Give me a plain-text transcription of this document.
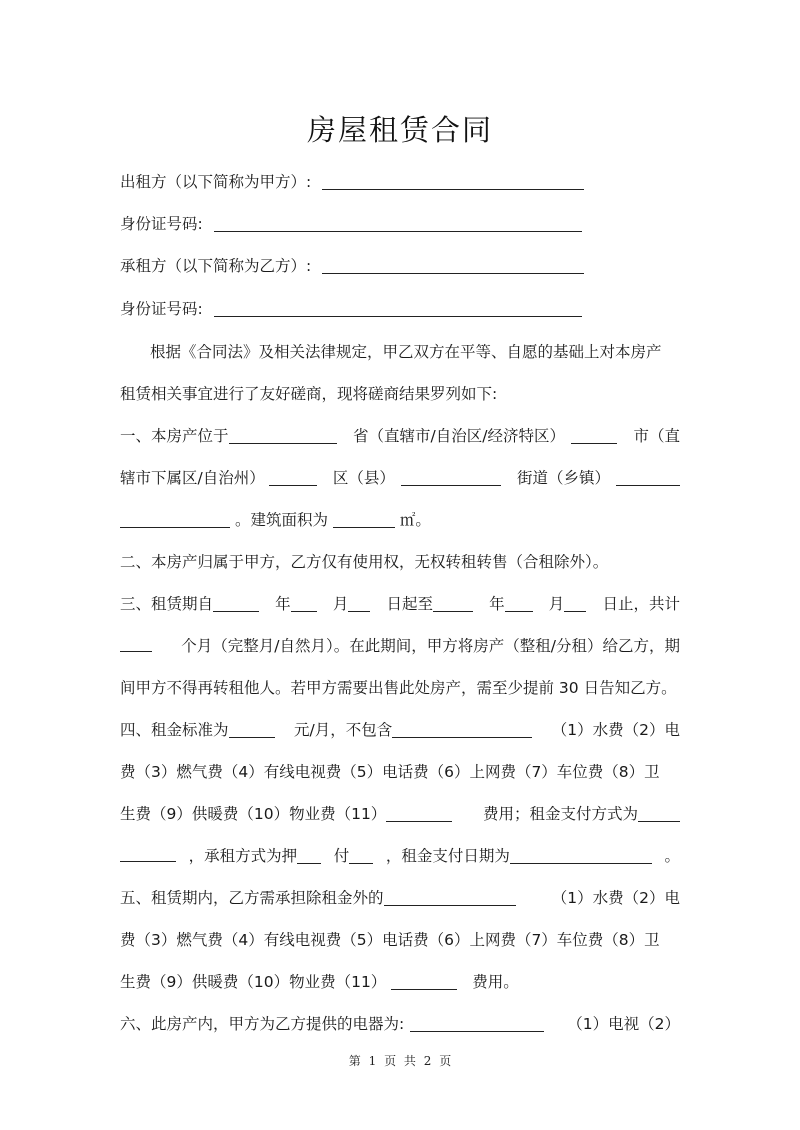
房屋租赁合同
出租方（以下简称为甲方）:
身份证号码:
承租方（以下简称为乙方）:
身份证号码:
根据《合同法》及相关法律规定，甲乙双方在平等、自愿的基础上对本房产
租赁相关事宜进行了友好磋商，现将磋商结果罗列如下:
一、本房产位于	省（直辖市/自治区/经济特区）	市（直
辖市下属区/自治州）	区（县）	街道（乡镇）
。建筑面积为	㎡。
二、本房产归属于甲方，乙方仅有使用权，无权转租转售（合租除外）。
三、租赁期自	年	月	日起至	年	月	日止，共计
个月（完整月/自然月）。在此期间，甲方将房产（整租/分租）给乙方，期
间甲方不得再转租他人。若甲方需要出售此处房产，需至少提前 30 日告知乙方。
四、租金标准为	元/月，不包含	（1）水费（2）电
费（3）燃气费（4）有线电视费（5）电话费（6）上网费（7）车位费（8）卫
生费（9）供暖费（10）物业费（11）	费用；租金支付方式为
，承租方式为押	付	，租金支付日期为	。
五、租赁期内，乙方需承担除租金外的	（1）水费（2）电
费（3）燃气费（4）有线电视费（5）电话费（6）上网费（7）车位费（8）卫
生费（9）供暖费（10）物业费（11）	费用。
六、此房产内，甲方为乙方提供的电器为:	（1）电视（2）
第 1 页 共 2 页
